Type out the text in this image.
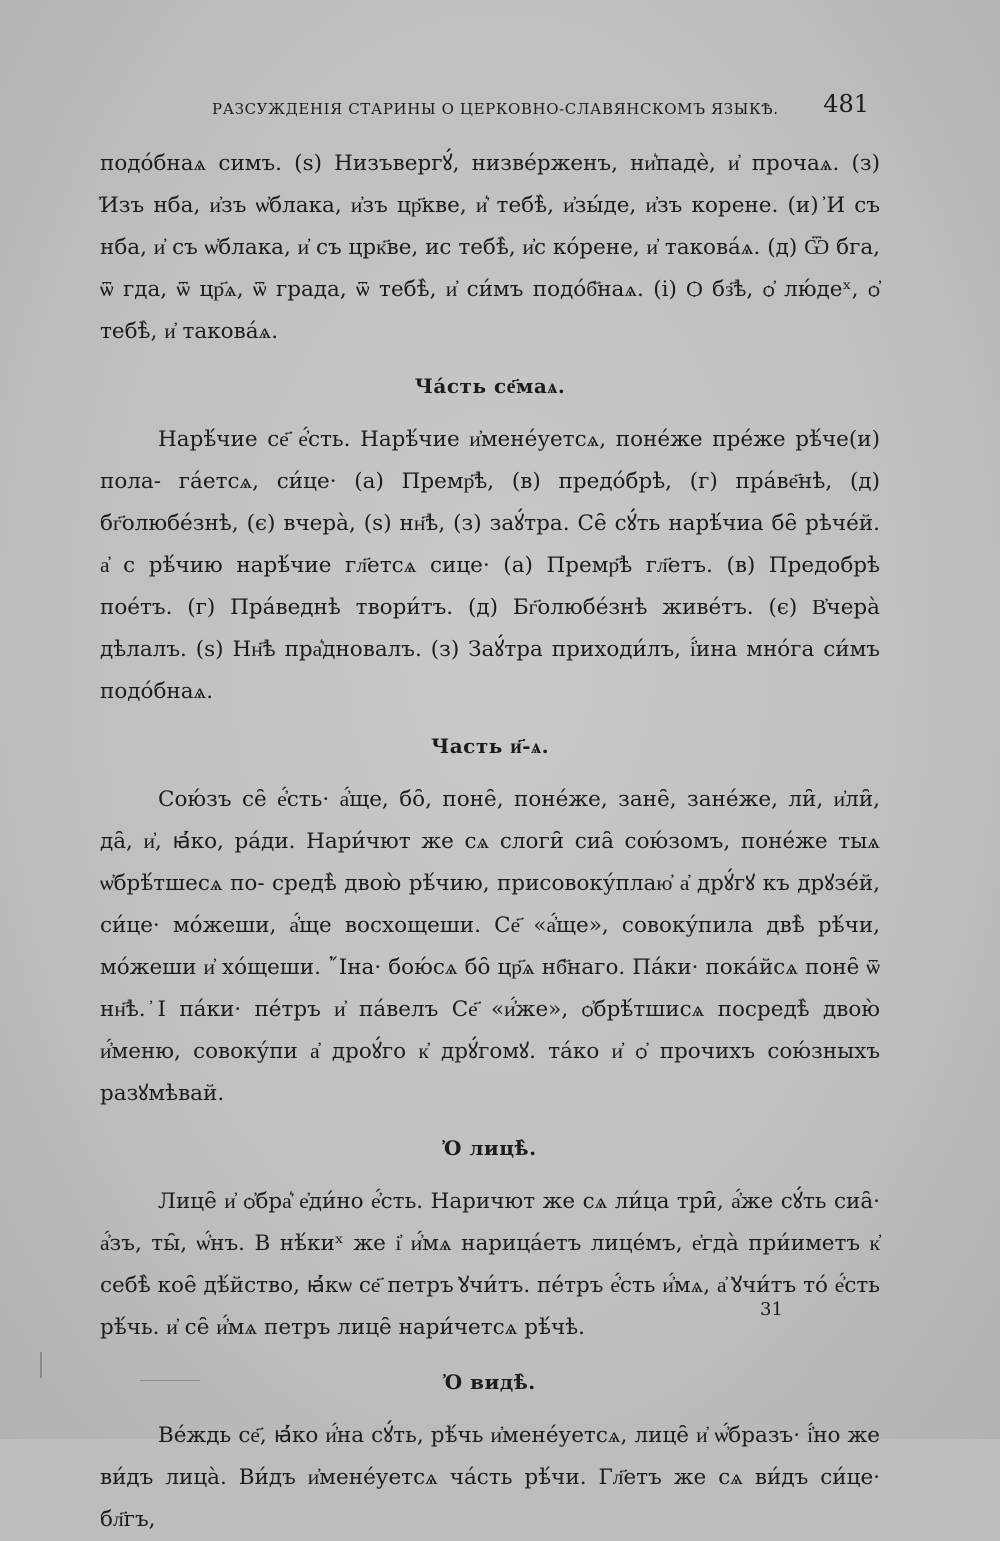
РАЗСУЖДЕНІЯ СТАРИНЫ О ЦЕРКОВНО-СЛАВЯНСКОМЪ ЯЗЫКѢ. 481

подо́бнаѧ симъ. (ѕ) Низъвергꙋ́, низве́рженъ, ни͛падѐ, и҆ прочаѧ. (з) ҆Изъ нба, и҆зъ ѡ҆блака, и҆зъ цр҃кве, и͛ тебѣ̀, и҆зы́де, и҆зъ корене. (и) ҆И съ нба, и҆ съ ѡ҆блака, и҆ съ црк҃ве, ис тебѣ̀, и҆с ко́рене, и҆ такова́ѧ. (д) Ѿ бга, ѿ гда, ѿ цр҃ѧ, ѿ града, ѿ тебѣ̀, и҆ си́мъ подо́б҃наѧ. (і) Ѻ бз҃ѣ, ѻ҆ лю́деˣ, ѻ҆ тебѣ̀, и҆ такова́ѧ.

Ча́сть се҃маѧ.

Нарѣ́чие се҃ е҆́сть. Нарѣ́чие и҆мене́уетсѧ, поне́же пре́же рѣ́че(и) пола- га́етсѧ, си́це· (а) Премр҃ѣ, (в) предо́брѣ, (г) пра́ве҃нѣ, (д) бг҃олюбе́знѣ, (є) вчера̀, (ѕ) нн҃ѣ, (з) заꙋ́тра. Се̑ сꙋ́ть нарѣ́чиа бе̑ рѣче́й. а҆ с рѣ́чию нарѣ́чие гл҃етсѧ сице· (а) Премр҃ѣ гл҃етъ. (в) Предобрѣ пое́тъ. (г) Пра́веднѣ твори́тъ. (д) Бг҃олюбе́знѣ живе́тъ. (є) В҆чера̀ дѣлалъ. (ѕ) Нн҃ѣ пра͛дновалъ. (з) Заꙋ́тра приходи́лъ, і҆́ина мно́га си́мъ подо́бнаѧ.

Часть и҃-ѧ.

Сою́зъ се̑ е҆́сть· а҆́ще, бо̑, поне̑, поне́же, зане̑, зане́же, ли̑, и҆ли̑, да̑, и҆, ꙗ҆́ко, ра́ди. Нари́чют же сѧ слоги̑ сиа̑ сою́зомъ, поне́же тыѧ ѡ҆брѣ́тшесѧ по- средѣ̀ двою̀ рѣ́чию, присовоку́плаю҆ а҆ дрꙋ́гꙋ къ дрꙋзе́й, си́це· мо́жеши, а҆́ще восхощеши. Се҃ «а҆́ще», совоку́пила двѣ̀ рѣ́чи, мо́жеши и҆ хо́щеши. ῎Іна· бою́сѧ бо̑ цр҃ѧ нб҃наго. Па́ки· пока́йсѧ поне̑ ѿ нн҃ѣ. ҆І па́ки· пе́тръ и҆ па́велъ Се҃ «и҆́же», ѻ҆брѣ́тшисѧ посредѣ̀ двою̀ и҆́меню, совоку́пи а҆ дроꙋ́го к҆ дрꙋ́гомꙋ. та́ко и҆ ѻ҆ прочихъ сою́зныхъ разꙋмѣвай.

҆О лицѣ̀.

Лице̑ и҆ ѻ҆бра͛ е҆ди́но е҆́сть. Наричют же сѧ ли́ца три̑, а҆́же сꙋ́ть сиа̑· а҆́зъ, ты̑, ѡ҆́нъ. В нѣ́киˣ же і҆ и҆́мѧ нарица́етъ лице́мъ, е҆гда̀ при́иметъ к҆ себѣ̀ кое̑ дѣ́йство, ꙗ҆́кѡ се҃ петръ ҆ꙋчи́тъ. пе́тръ е҆́сть и҆́мѧ, а҆ ҆ꙋчи́тъ то́ е҆́сть рѣ́чь. и҆ се̑ и҆́мѧ петръ лице̑ нари́четсѧ рѣ́чѣ.

҆О видѣ̀.

Ве́ждь се҃, ꙗ҆́ко и҆́на сꙋ́ть, рѣ́чь и҆мене́уетсѧ, лице̑ и҆ ѡ҆́бразъ· і҆́но же ви́дъ лица̀. Ви́дъ и҆мене́уетсѧ ча́сть рѣ́чи. Гл҃етъ же сѧ ви́дъ си́це· бл҃гъ,

31
